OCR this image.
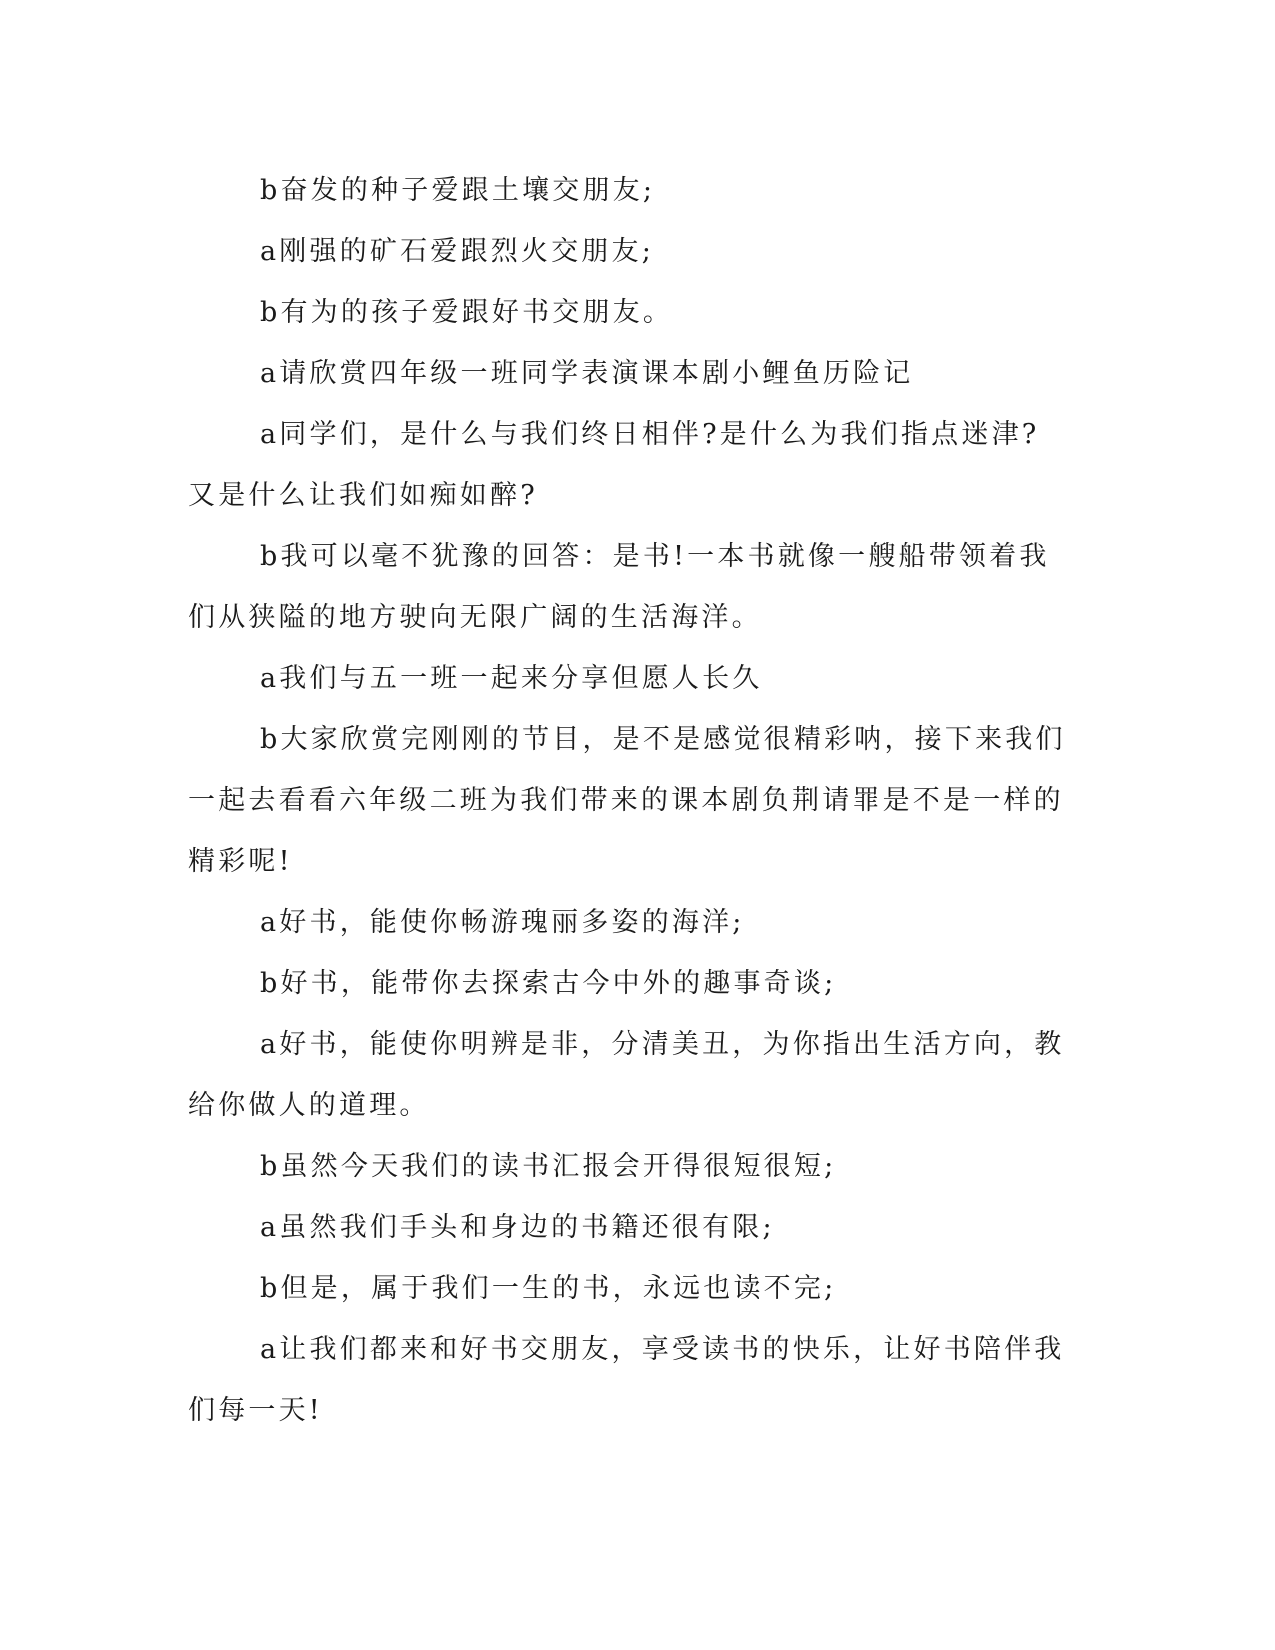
b奋发的种子爱跟土壤交朋友;

a刚强的矿石爱跟烈火交朋友;

b有为的孩子爱跟好书交朋友。

a请欣赏四年级一班同学表演课本剧小鲤鱼历险记

a同学们，是什么与我们终日相伴?是什么为我们指点迷津?又是什么让我们如痴如醉?

b我可以毫不犹豫的回答：是书!一本书就像一艘船带领着我们从狭隘的地方驶向无限广阔的生活海洋。

a我们与五一班一起来分享但愿人长久

b大家欣赏完刚刚的节目，是不是感觉很精彩呐，接下来我们一起去看看六年级二班为我们带来的课本剧负荆请罪是不是一样的精彩呢!

a好书，能使你畅游瑰丽多姿的海洋;

b好书，能带你去探索古今中外的趣事奇谈;

a好书，能使你明辨是非，分清美丑，为你指出生活方向，教给你做人的道理。

b虽然今天我们的读书汇报会开得很短很短;

a虽然我们手头和身边的书籍还很有限;

b但是，属于我们一生的书，永远也读不完;

a让我们都来和好书交朋友，享受读书的快乐，让好书陪伴我们每一天!
